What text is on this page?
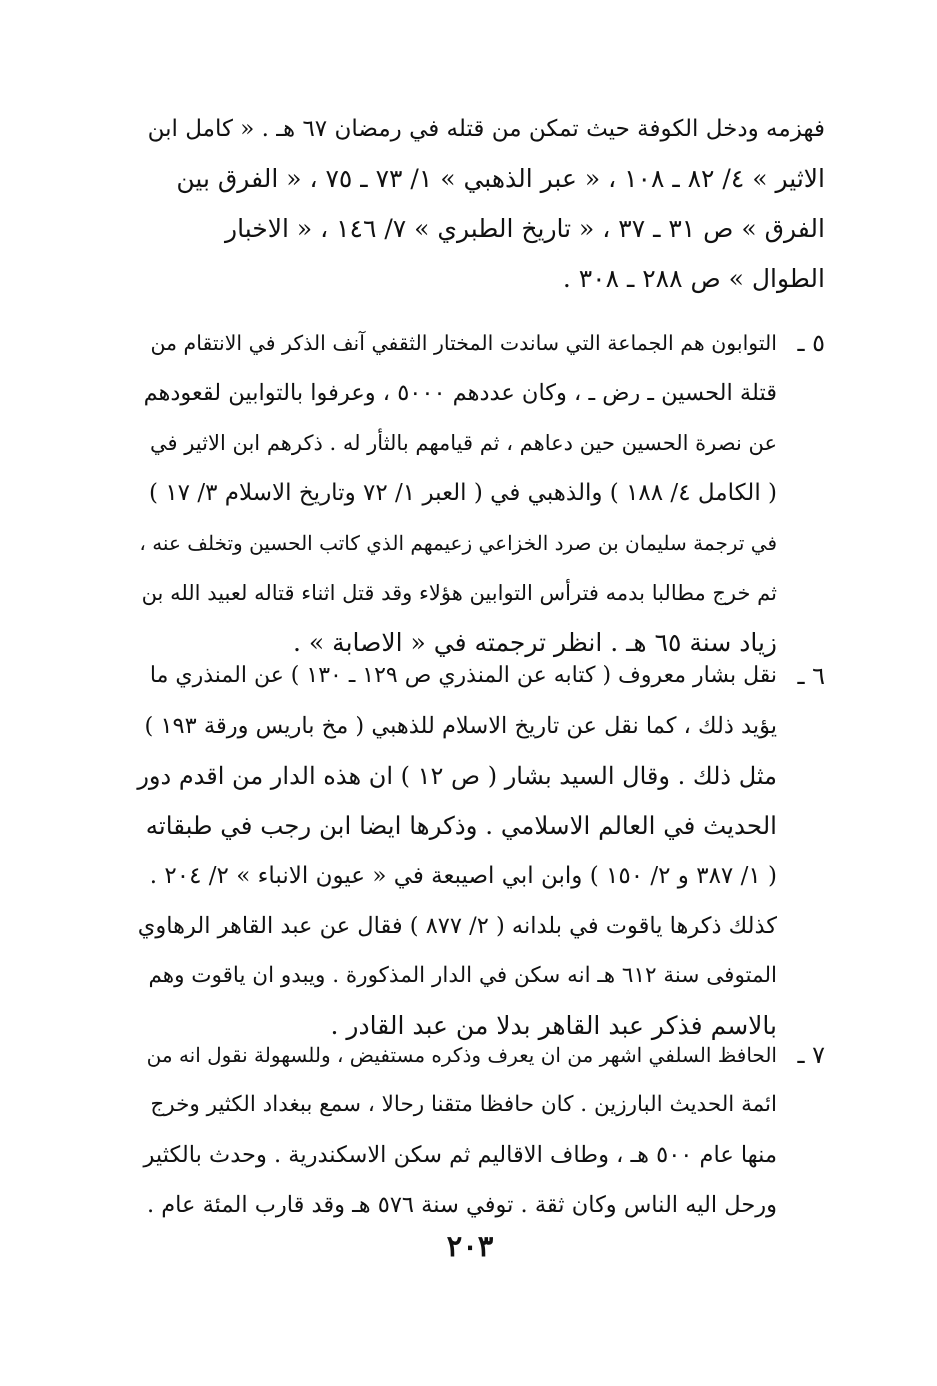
فهزمه ودخل الكوفة حيث تمكن من قتله في رمضان ٦٧ هـ . « كامل ابن
الاثير » ٤/ ٨٢ ـ ١٠٨ ، « عبر الذهبي » ١/ ٧٣ ـ ٧٥ ، « الفرق بين
الفرق » ص ٣١ ـ ٣٧ ، « تاريخ الطبري » ٧/ ١٤٦ ، « الاخبار
الطوال » ص ٢٨٨ ـ ٣٠٨ .
٥ ـ
التوابون هم الجماعة التي ساندت المختار الثقفي آنف الذكر في الانتقام من
قتلة الحسين ـ رض ـ ، وكان عددهم ٥٠٠٠ ، وعرفوا بالتوابين لقعودهم
عن نصرة الحسين حين دعاهم ، ثم قيامهم بالثأر له . ذكرهم ابن الاثير في
( الكامل ٤/ ١٨٨ ) والذهبي في ( العبر ١/ ٧٢ وتاريخ الاسلام ٣/ ١٧ )
في ترجمة سليمان بن صرد الخزاعي زعيمهم الذي كاتب الحسين وتخلف عنه ،
ثم خرج مطالبا بدمه فترأس التوابين هؤلاء وقد قتل اثناء قتاله لعبيد الله بن
زياد سنة ٦٥ هـ . انظر ترجمته في « الاصابة » .
٦ ـ
نقل بشار معروف ( كتابه عن المنذري ص ١٢٩ ـ ١٣٠ ) عن المنذري ما
يؤيد ذلك ، كما نقل عن تاريخ الاسلام للذهبي ( مخ باريس ورقة ١٩٣ )
مثل ذلك . وقال السيد بشار ( ص ١٢ ) ان هذه الدار من اقدم دور
الحديث في العالم الاسلامي . وذكرها ايضا ابن رجب في طبقاته
( ١/ ٣٨٧ و ٢/ ١٥٠ ) وابن ابي اصيبعة في « عيون الانباء » ٢/ ٢٠٤ .
كذلك ذكرها ياقوت في بلدانه ( ٢/ ٨٧٧ ) فقال عن عبد القاهر الرهاوي
المتوفى سنة ٦١٢ هـ انه سكن في الدار المذكورة . ويبدو ان ياقوت وهم
بالاسم فذكر عبد القاهر بدلا من عبد القادر .
٧ ـ
الحافظ السلفي اشهر من ان يعرف وذكره مستفيض ، وللسهولة نقول انه من
ائمة الحديث البارزين . كان حافظا متقنا رحالا ، سمع ببغداد الكثير وخرج
منها عام ٥٠٠ هـ ، وطاف الاقاليم ثم سكن الاسكندرية . وحدث بالكثير
ورحل اليه الناس وكان ثقة . توفي سنة ٥٧٦ هـ وقد قارب المئة عام .
٢٠٣
